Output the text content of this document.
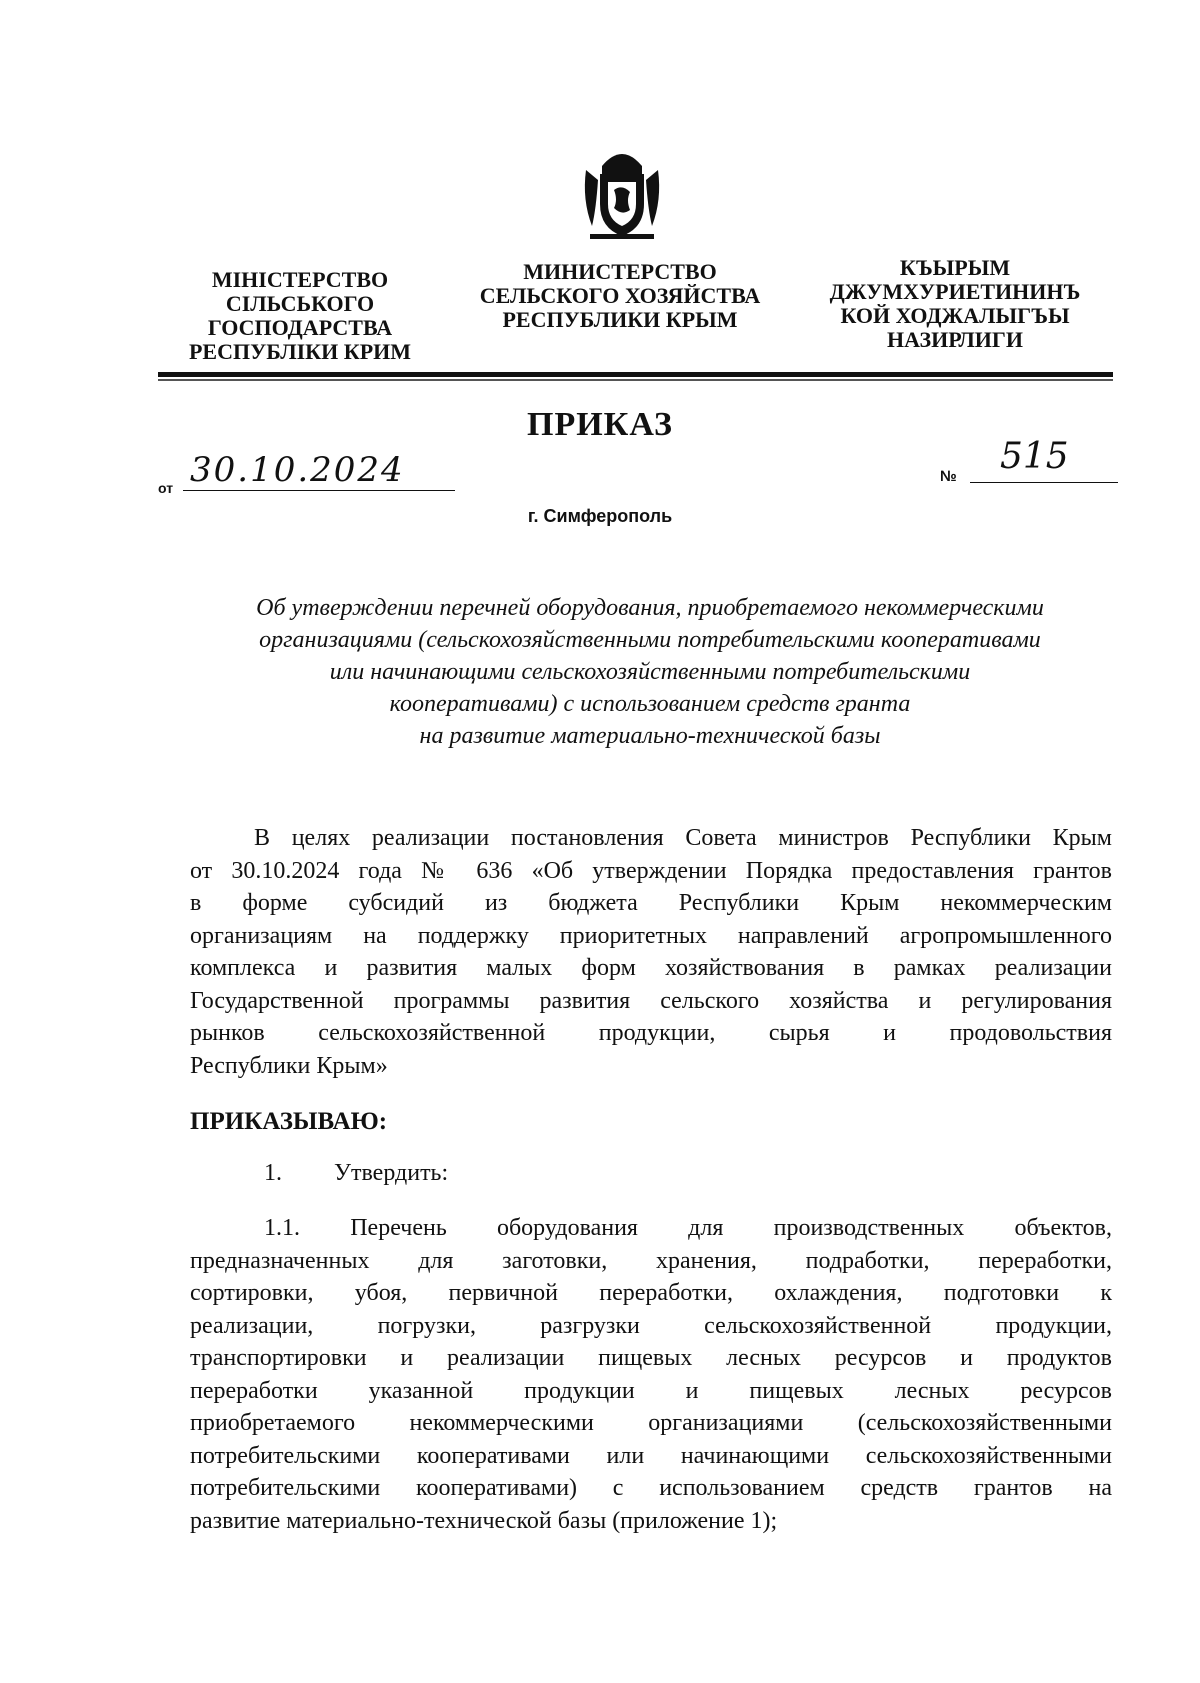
МІНІСТЕРСТВО
СІЛЬСЬКОГО
ГОСПОДАРСТВА
РЕСПУБЛІКИ КРИМ
МИНИСТЕРСТВО
СЕЛЬСКОГО ХОЗЯЙСТВА
РЕСПУБЛИКИ КРЫМ
КЪЫРЫМ
ДЖУМХУРИЕТИНИНЪ
КОЙ ХОДЖАЛЫГЪЫ
НАЗИРЛИГИ
ПРИКАЗ
от 30.10.2024	№ 515
г. Симферополь
Об утверждении перечней оборудования, приобретаемого некоммерческими
организациями (сельскохозяйственными потребительскими кооперативами
или начинающими сельскохозяйственными потребительскими
кооперативами) с использованием средств гранта
на развитие материально-технической базы
В целях реализации постановления Совета министров Республики Крым
от 30.10.2024 года № 636 «Об утверждении Порядка предоставления грантов
в форме субсидий из бюджета Республики Крым некоммерческим
организациям на поддержку приоритетных направлений агропромышленного
комплекса и развития малых форм хозяйствования в рамках реализации
Государственной программы развития сельского хозяйства и регулирования
рынков сельскохозяйственной продукции, сырья и продовольствия
Республики Крым»
ПРИКАЗЫВАЮ:
1. Утвердить:
1.1. Перечень оборудования для производственных объектов,
предназначенных для заготовки, хранения, подработки, переработки,
сортировки, убоя, первичной переработки, охлаждения, подготовки к
реализации, погрузки, разгрузки сельскохозяйственной продукции,
транспортировки и реализации пищевых лесных ресурсов и продуктов
переработки указанной продукции и пищевых лесных ресурсов
приобретаемого некоммерческими организациями (сельскохозяйственными
потребительскими кооперативами или начинающими сельскохозяйственными
потребительскими кооперативами) с использованием средств грантов на
развитие материально-технической базы (приложение 1);
